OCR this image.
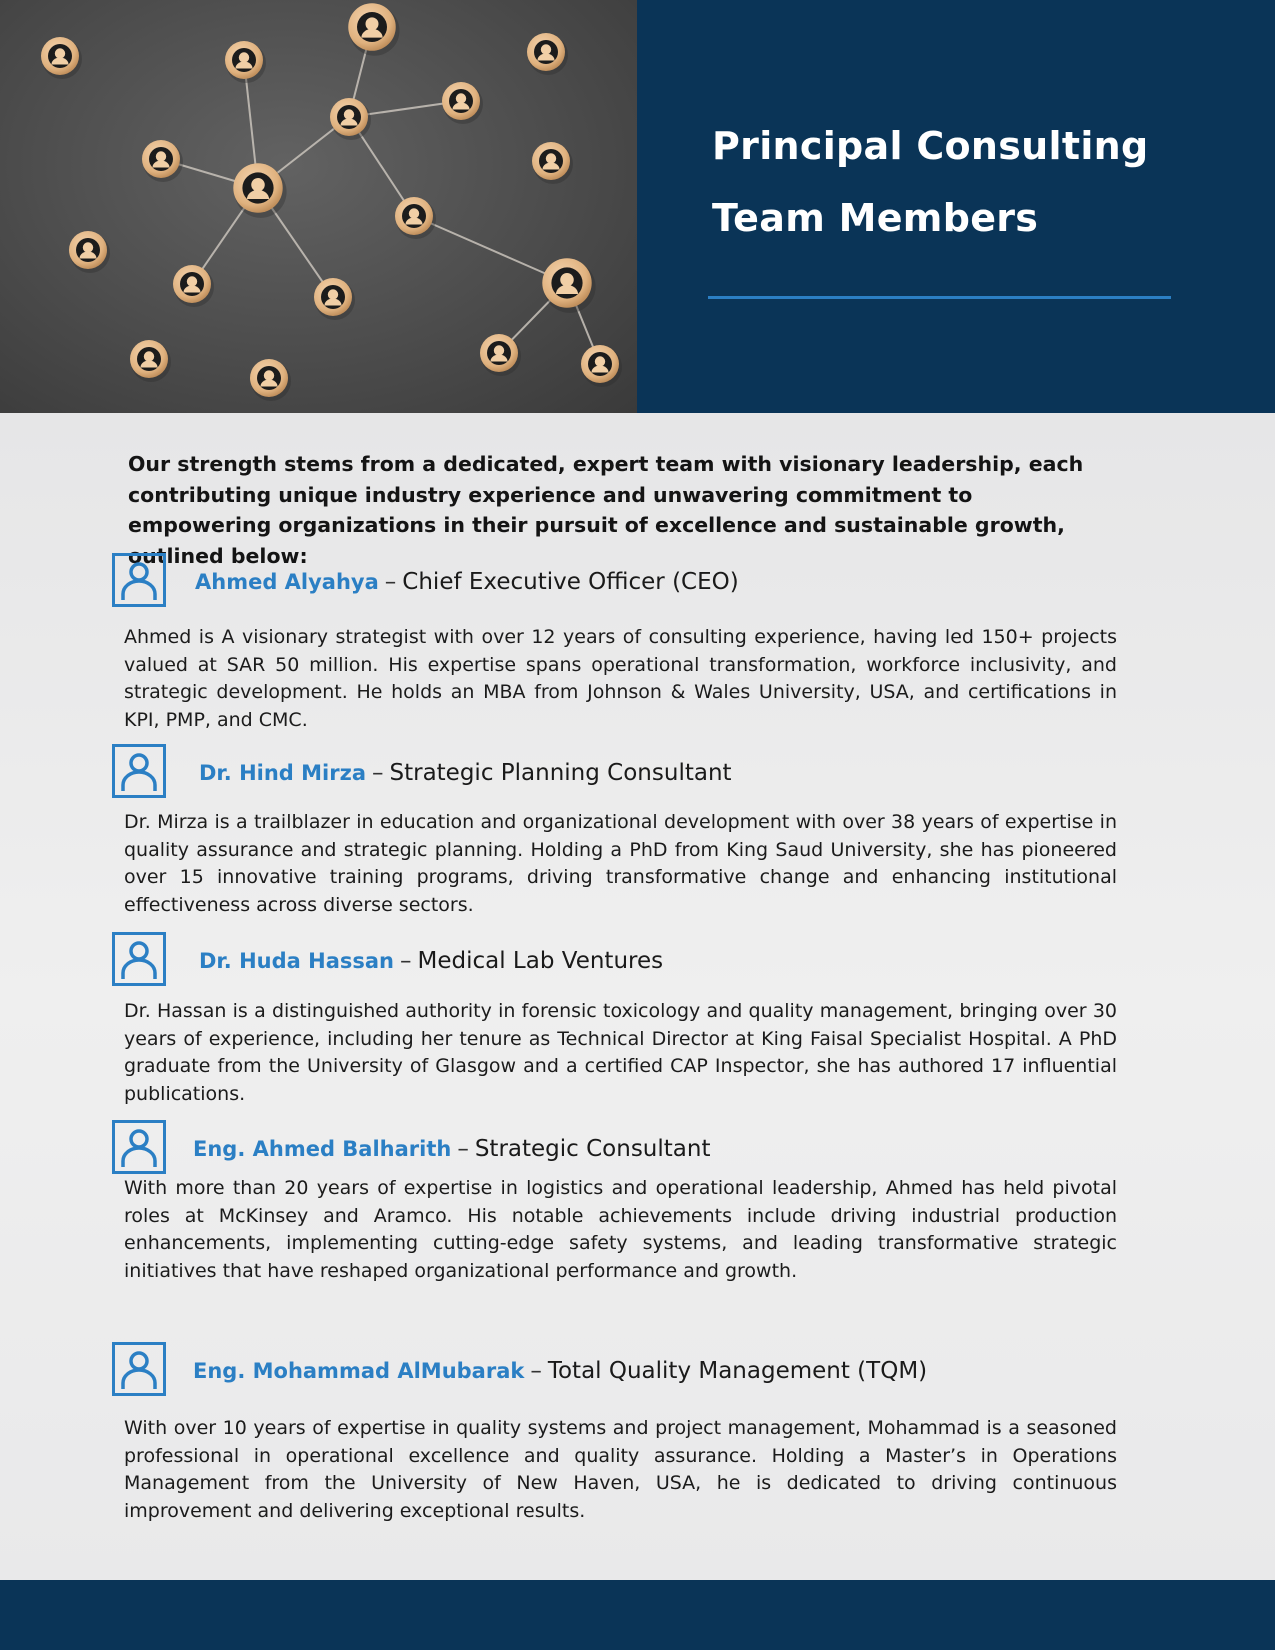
Principal Consulting
Team Members

Our strength stems from a dedicated, expert team with visionary leadership, each contributing unique industry experience and unwavering commitment to empowering organizations in their pursuit of excellence and sustainable growth, outlined below:

Ahmed Alyahya – Chief Executive Officer (CEO)

Ahmed is A visionary strategist with over 12 years of consulting experience, having led 150+ projects valued at SAR 50 million. His expertise spans operational transformation, workforce inclusivity, and strategic development. He holds an MBA from Johnson & Wales University, USA, and certifications in KPI, PMP, and CMC.

Dr. Hind Mirza – Strategic Planning Consultant

Dr. Mirza is a trailblazer in education and organizational development with over 38 years of expertise in quality assurance and strategic planning. Holding a PhD from King Saud University, she has pioneered over 15 innovative training programs, driving transformative change and enhancing institutional effectiveness across diverse sectors.

Dr. Huda Hassan – Medical Lab Ventures

Dr. Hassan is a distinguished authority in forensic toxicology and quality management, bringing over 30 years of experience, including her tenure as Technical Director at King Faisal Specialist Hospital. A PhD graduate from the University of Glasgow and a certified CAP Inspector, she has authored 17 influential publications.

Eng. Ahmed Balharith – Strategic Consultant

With more than 20 years of expertise in logistics and operational leadership, Ahmed has held pivotal roles at McKinsey and Aramco. His notable achievements include driving industrial production enhancements, implementing cutting-edge safety systems, and leading transformative strategic initiatives that have reshaped organizational performance and growth.

Eng. Mohammad AlMubarak – Total Quality Management (TQM)

With over 10 years of expertise in quality systems and project management, Mohammad is a seasoned professional in operational excellence and quality assurance. Holding a Master’s in Operations Management from the University of New Haven, USA, he is dedicated to driving continuous improvement and delivering exceptional results.
